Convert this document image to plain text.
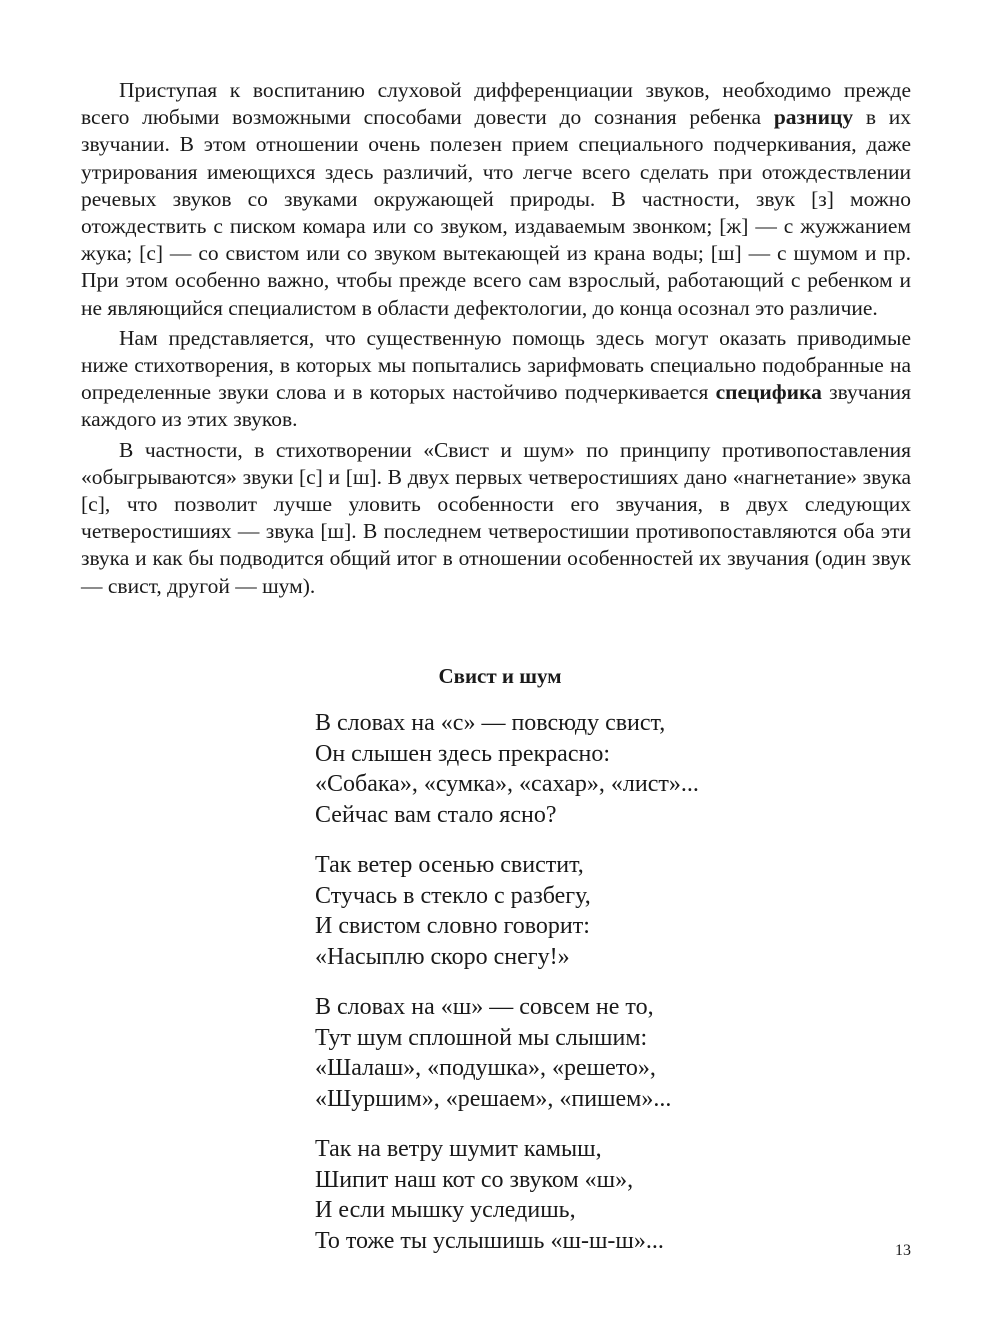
Приступая к воспитанию слуховой дифференциации звуков, необходимо прежде всего любыми возможными способами довести до сознания ребенка разницу в их звучании. В этом отношении очень полезен прием специального подчеркивания, даже утрирования имеющихся здесь различий, что легче всего сделать при отождествлении речевых звуков со звуками окружающей природы. В частности, звук [з] можно отождествить с писком комара или со звуком, издаваемым звонком; [ж] — с жужжанием жука; [с] — со свистом или со звуком вытекающей из крана воды; [ш] — с шумом и пр. При этом особенно важно, чтобы прежде всего сам взрослый, работающий с ребенком и не являющийся специалистом в области дефектологии, до конца осознал это различие.

Нам представляется, что существенную помощь здесь могут оказать приводимые ниже стихотворения, в которых мы попытались зарифмовать специально подобранные на определенные звуки слова и в которых настойчиво подчеркивается специфика звучания каждого из этих звуков.

В частности, в стихотворении «Свист и шум» по принципу противопоставления «обыгрываются» звуки [с] и [ш]. В двух первых четверостишиях дано «нагнетание» звука [с], что позволит лучше уловить особенности его звучания, в двух следующих четверостишиях — звука [ш]. В последнем четверостишии противопоставляются оба эти звука и как бы подводится общий итог в отношении особенностей их звучания (один звук — свист, другой — шум).

Свист и шум
В словах на «с» — повсюду свист,
Он слышен здесь прекрасно:
«Собака», «сумка», «сахар», «лист»...
Сейчас вам стало ясно?
Так ветер осенью свистит,
Стучась в стекло с разбегу,
И свистом словно говорит:
«Насыплю скоро снегу!»
В словах на «ш» — совсем не то,
Тут шум сплошной мы слышим:
«Шалаш», «подушка», «решето»,
«Шуршим», «решаем», «пишем»...
Так на ветру шумит камыш,
Шипит наш кот со звуком «ш»,
И если мышку уследишь,
То тоже ты услышишь «ш-ш-ш»...	13
